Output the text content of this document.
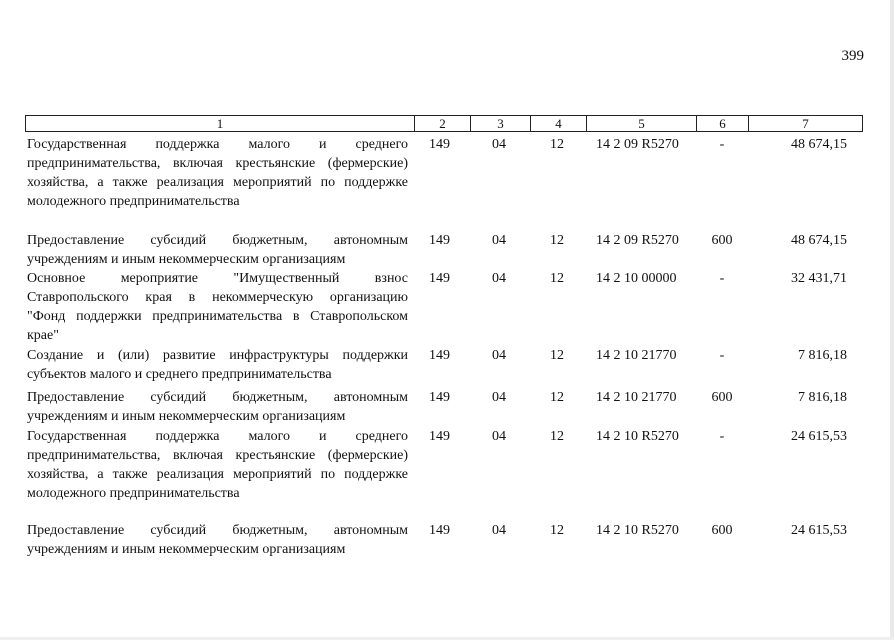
399
1	2	3	4	5	6	7
Государственная поддержка малого и среднего
предпринимательства, включая крестьянские (фермерские)
хозяйства, а также реализация мероприятий по поддержке
молодежного предпринимательства
149	04	12	14 2 09 R5270	-	48 674,15
Предоставление субсидий бюджетным, автономным
учреждениям и иным некоммерческим организациям
149	04	12	14 2 09 R5270	600	48 674,15
Основное мероприятие "Имущественный взнос
Ставропольского края в некоммерческую организацию
"Фонд поддержки предпринимательства в Ставропольском
крае"
149	04	12	14 2 10 00000	-	32 431,71
Создание и (или) развитие инфраструктуры поддержки
субъектов малого и среднего предпринимательства
149	04	12	14 2 10 21770	-	7 816,18
Предоставление субсидий бюджетным, автономным
учреждениям и иным некоммерческим организациям
149	04	12	14 2 10 21770	600	7 816,18
Государственная поддержка малого и среднего
предпринимательства, включая крестьянские (фермерские)
хозяйства, а также реализация мероприятий по поддержке
молодежного предпринимательства
149	04	12	14 2 10 R5270	-	24 615,53
Предоставление субсидий бюджетным, автономным
учреждениям и иным некоммерческим организациям
149	04	12	14 2 10 R5270	600	24 615,53
